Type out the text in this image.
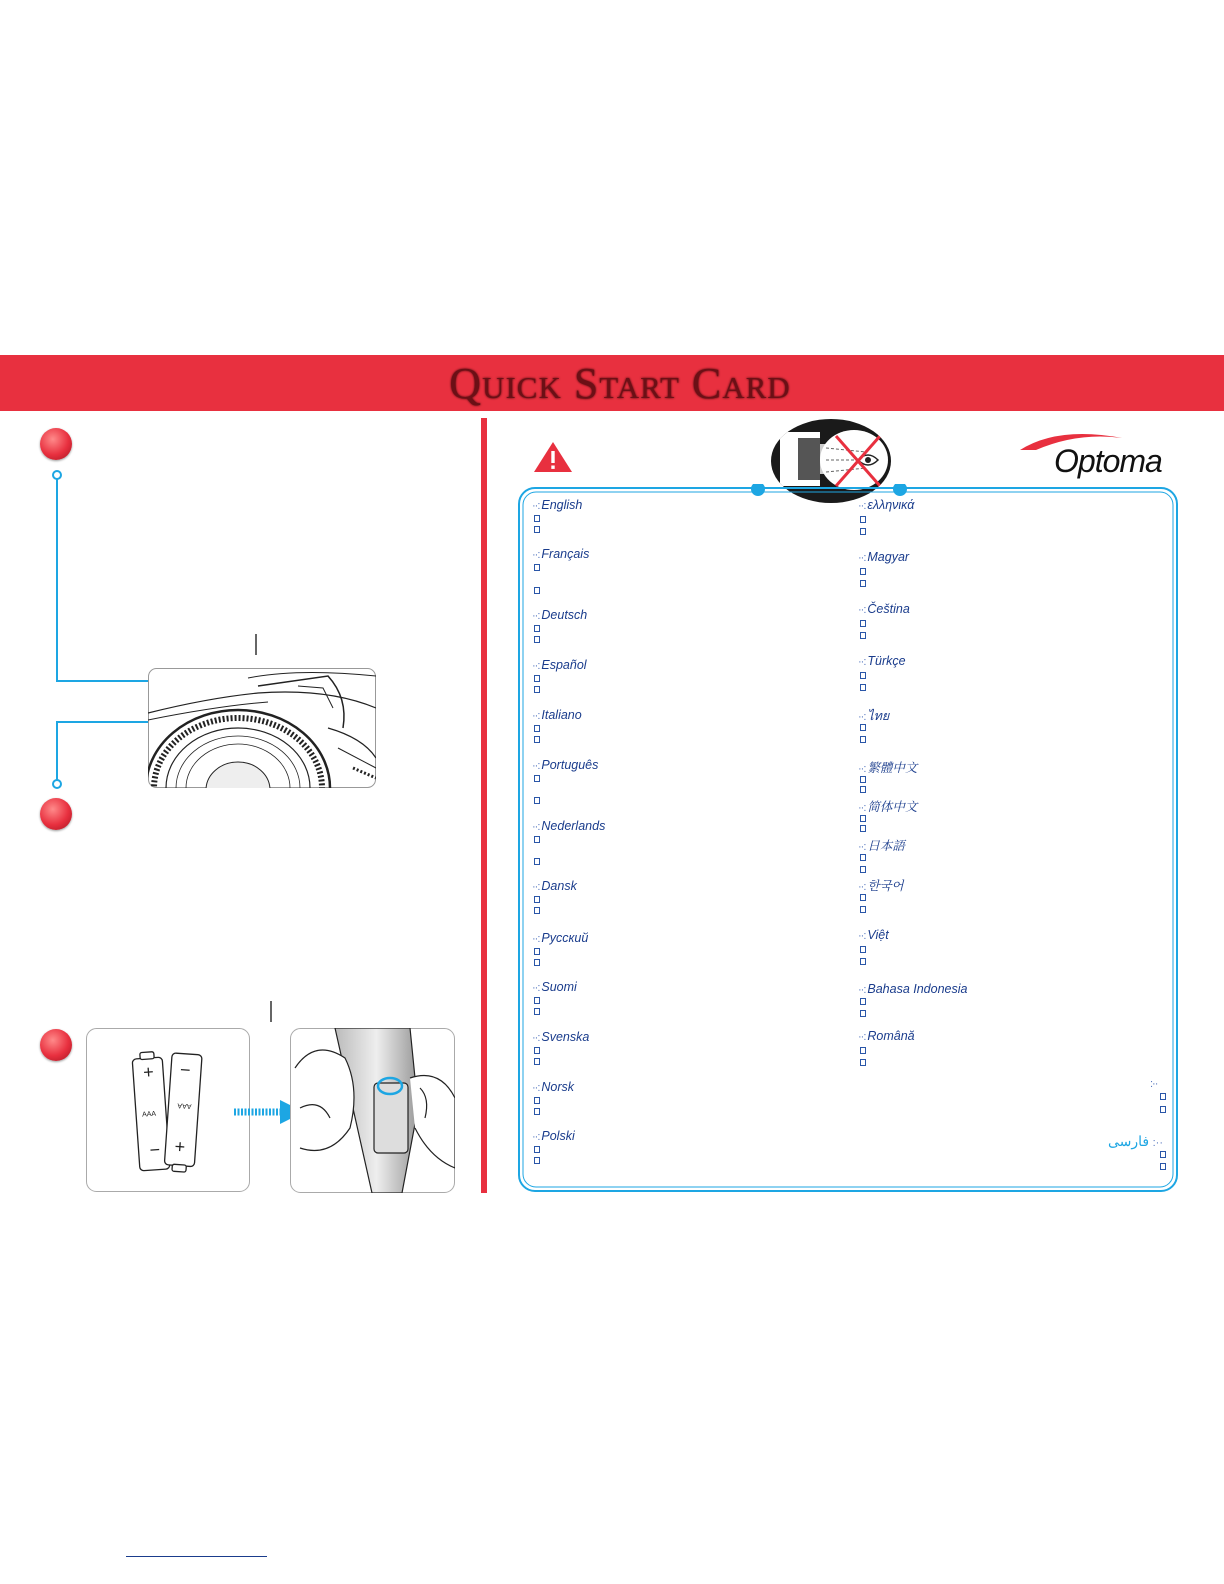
Quick Start Card
+
−
AAA
−
+
AAA
Optoma
··: English
··: Français
··: Deutsch
··: Español
··: Italiano
··: Português
··: Nederlands
··: Dansk
··: Русский
··: Suomi
··: Svenska
··: Norsk
··: Polski
··: ελληνικά
··: Magyar
··: Čeština
··: Türkçe
··: ไทย
··: 繁體中文
··: 简体中文
··: 日本語
··: 한국어
··: Việt
··: Bahasa Indonesia
··: Română
:··
فارسی :··
